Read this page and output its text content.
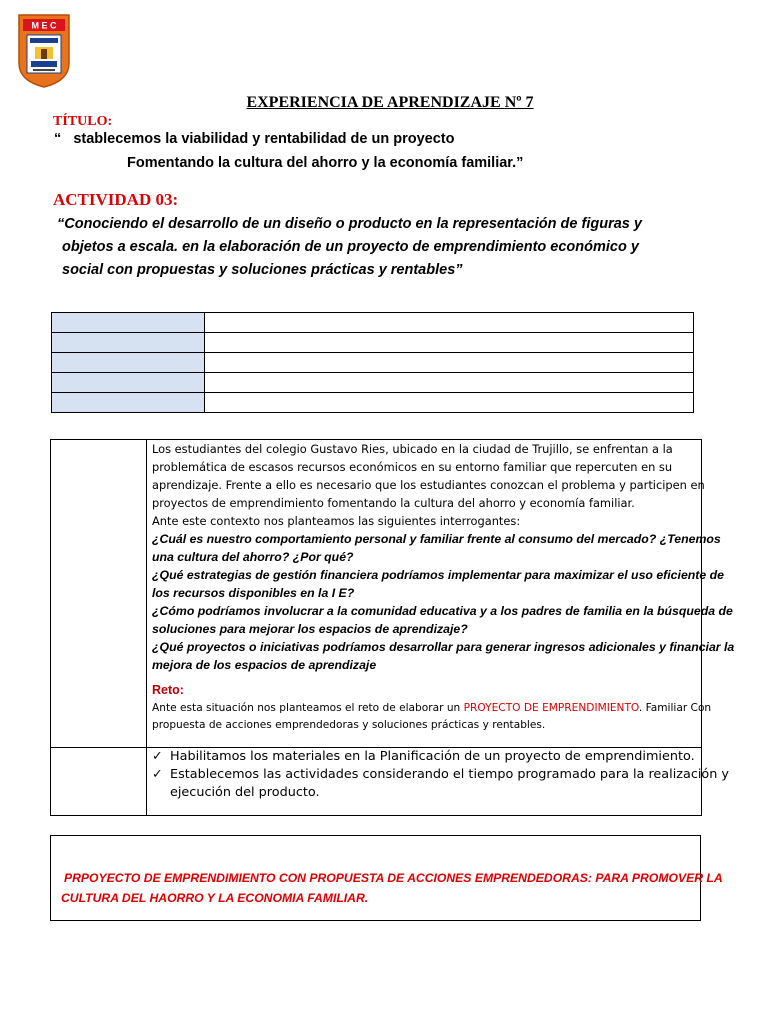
M E C
EXPERIENCIA DE APRENDIZAJE Nº 7
TÍTULO:
“   stablecemos la viabilidad y rentabilidad de un proyecto
Fomentando la cultura del ahorro y la economía familiar.”
ACTIVIDAD 03:
“Conociendo el desarrollo de un diseño o producto en la representación de figuras y
objetos a escala. en la elaboración de un proyecto de emprendimiento económico y
social con propuestas y soluciones prácticas y rentables”

Los estudiantes del colegio Gustavo Ries, ubicado en la ciudad de Trujillo, se enfrentan a la
problemática de escasos recursos económicos en su entorno familiar que repercuten en su
aprendizaje. Frente a ello es necesario que los estudiantes conozcan el problema y participen en
proyectos de emprendimiento fomentando la cultura del ahorro y economía familiar.
Ante este contexto nos planteamos las siguientes interrogantes:
¿Cuál es nuestro comportamiento personal y familiar frente al consumo del mercado? ¿Tenemos
una cultura del ahorro? ¿Por qué?
¿Qué estrategias de gestión financiera podríamos implementar para maximizar el uso eficiente de
los recursos disponibles en la I E?
¿Cómo podríamos involucrar a la comunidad educativa y a los padres de familia en la búsqueda de
soluciones para mejorar los espacios de aprendizaje?
¿Qué proyectos o iniciativas podríamos desarrollar para generar ingresos adicionales y financiar la
mejora de los espacios de aprendizaje
Reto:
Ante esta situación nos planteamos el reto de elaborar un PROYECTO DE EMPRENDIMIENTO. Familiar Con
propuesta de acciones emprendedoras y soluciones prácticas y rentables.
✓ Habilitamos los materiales en la Planificación de un proyecto de emprendimiento.
✓ Establecemos las actividades considerando el tiempo programado para la realización y
ejecución del producto.
PRPOYECTO DE EMPRENDIMIENTO CON PROPUESTA DE ACCIONES EMPRENDEDORAS: PARA PROMOVER LA
CULTURA DEL HAORRO Y LA ECONOMIA FAMILIAR.
